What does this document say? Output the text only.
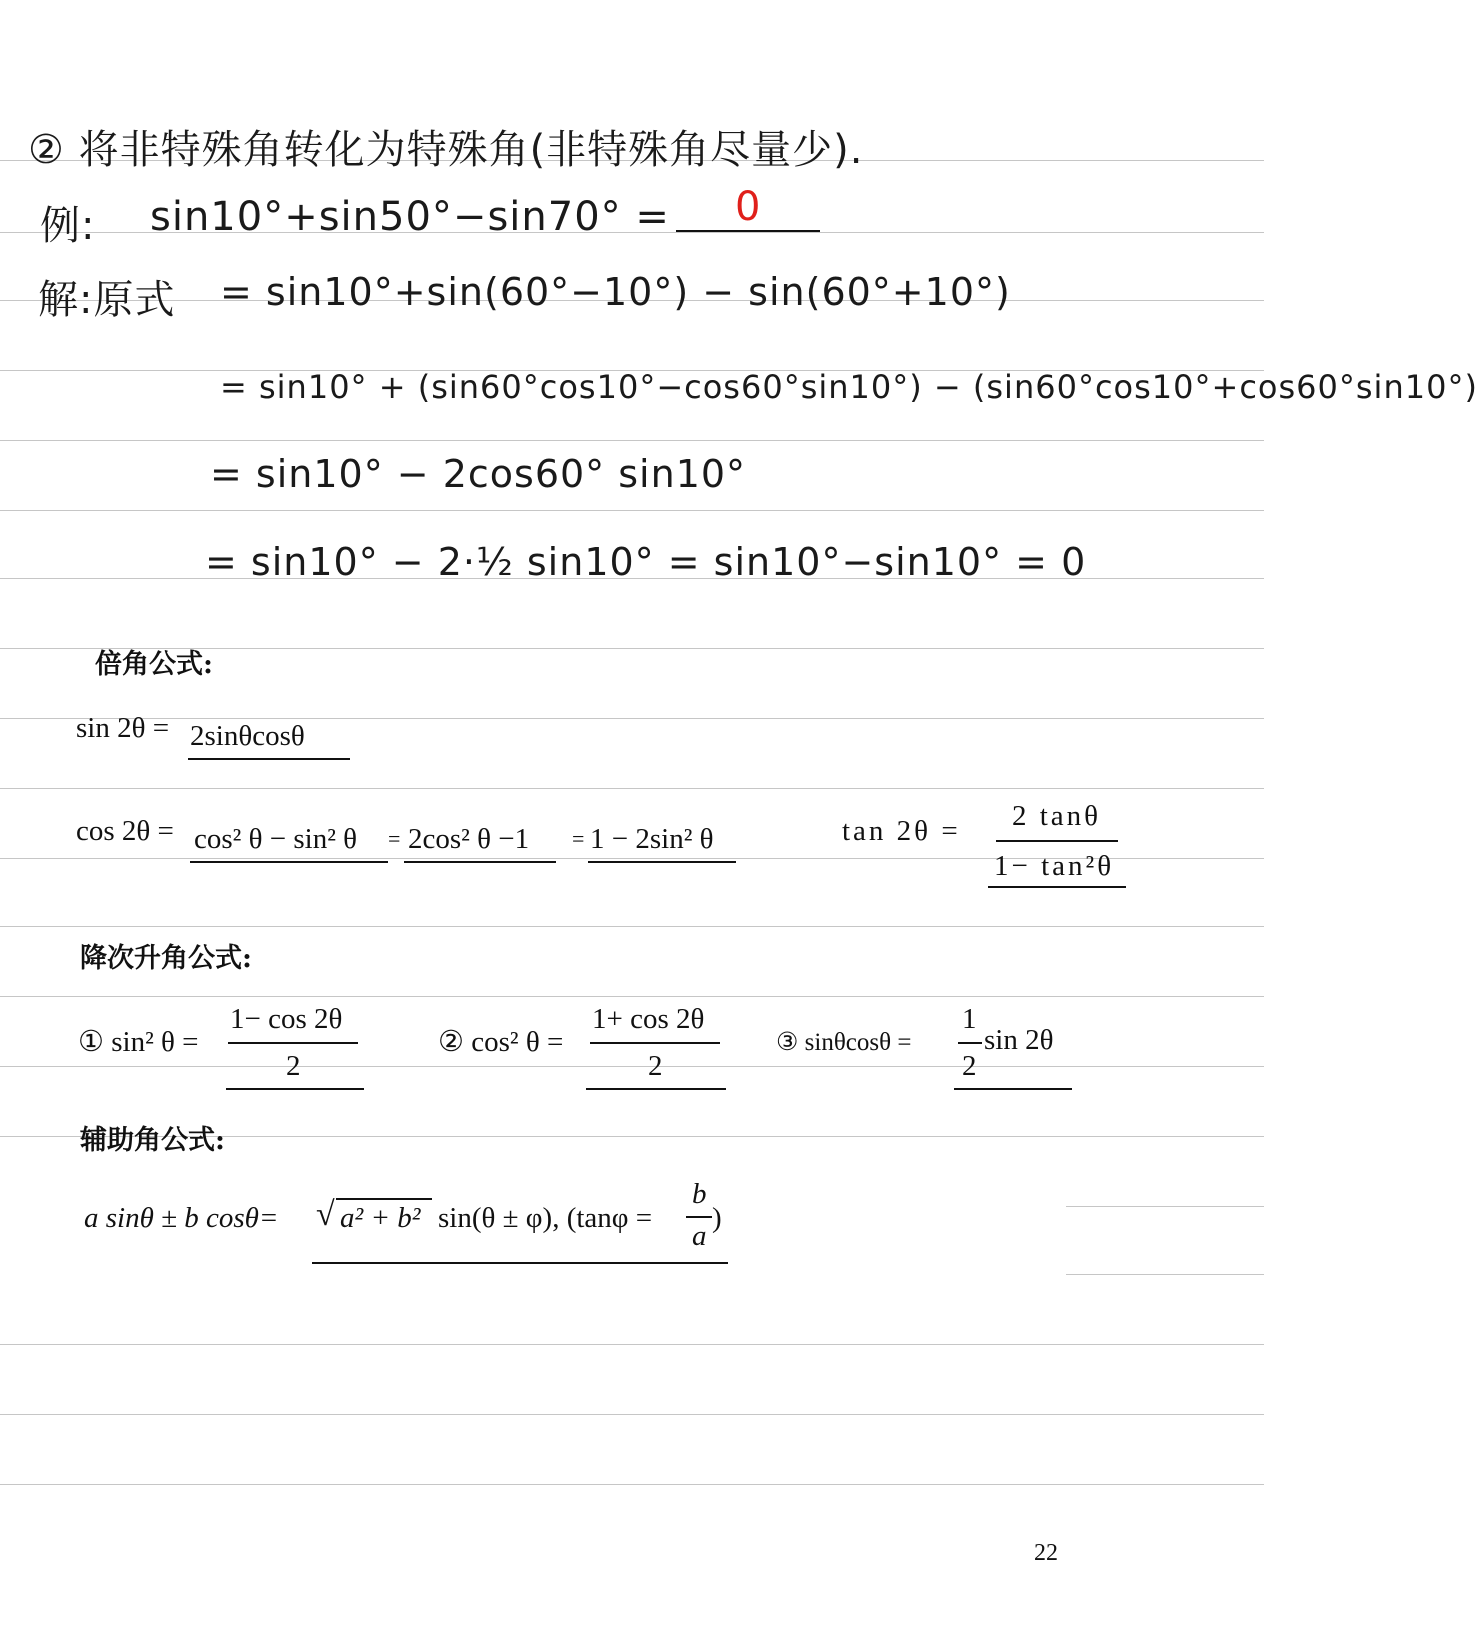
② 将非特殊角转化为特殊角(非特殊角尽量少).
例: sin10°+sin50°−sin70° = 0
解:原式 = sin10°+sin(60°−10°) − sin(60°+10°)
= sin10° + (sin60°cos10°−cos60°sin10°) − (sin60°cos10°+cos60°sin10°)
= sin10° − 2cos60° sin10°
= sin10° − 2·½ sin10° = sin10°−sin10° = 0
倍角公式:
sin 2θ = 2sinθcosθ
cos 2θ = cos² θ − sin² θ = 2cos² θ −1 = 1 − 2sin² θ	tan 2θ = 2 tanθ
1− tan²θ
降次升角公式:
① sin² θ =
1− cos 2θ
2
② cos² θ =
1+ cos 2θ
2
③ sinθcosθ =
1
2
sin 2θ
辅助角公式:
a sinθ ± b cosθ= √ a² + b² sin(θ ± φ), (tanφ =
b
a
)
22
